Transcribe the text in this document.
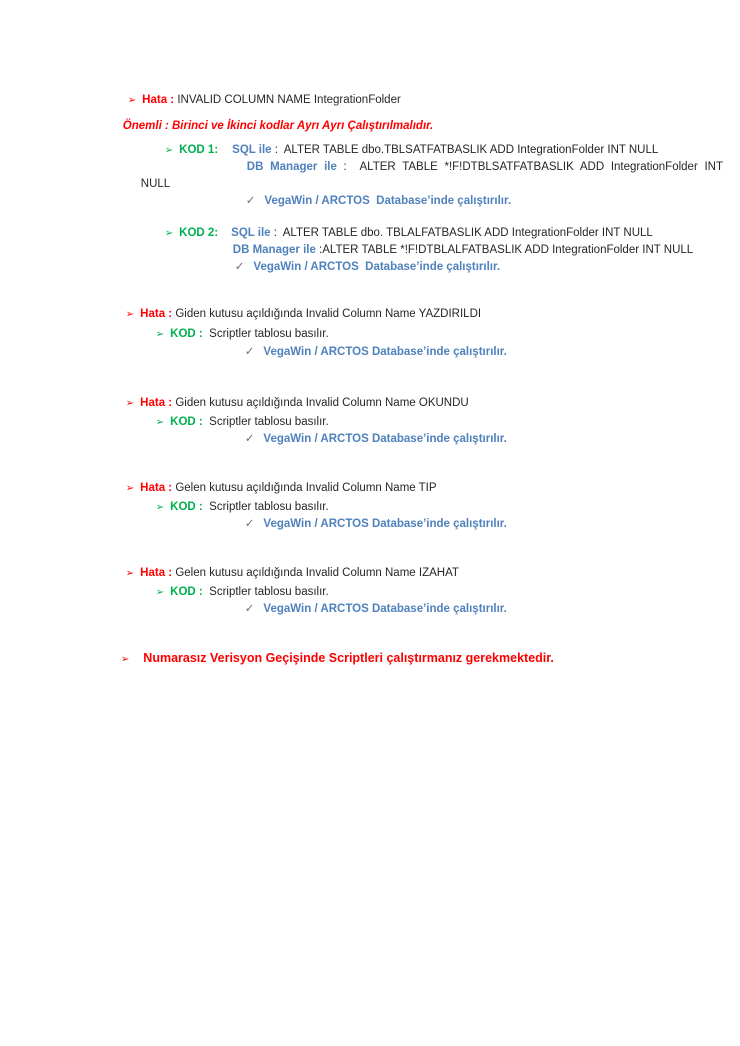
➢ Hata : INVALID COLUMN NAME IntegrationFolder

Önemli : Birinci ve İkinci kodlar Ayrı Ayrı Çalıştırılmalıdır.

➢ KOD 1: SQL ile :  ALTER TABLE dbo.TBLSATFATBASLIK ADD IntegrationFolder INT NULL

DB Manager ile :  ALTER TABLE *!F!DTBLSATFATBASLIK ADD IntegrationFolder INT

NULL

✓ VegaWin / ARCTOS  Database’inde çalıştırılır.

➢ KOD 2: SQL ile :  ALTER TABLE dbo. TBLALFATBASLIK ADD IntegrationFolder INT NULL

DB Manager ile :ALTER TABLE *!F!DTBLALFATBASLIK ADD IntegrationFolder INT NULL

✓ VegaWin / ARCTOS  Database’inde çalıştırılır.

➢ Hata : Giden kutusu açıldığında Invalid Column Name YAZDIRILDI

➢ KOD :  Scriptler tablosu basılır.

✓ VegaWin / ARCTOS Database’inde çalıştırılır.

➢ Hata : Giden kutusu açıldığında Invalid Column Name OKUNDU

➢ KOD :  Scriptler tablosu basılır.

✓ VegaWin / ARCTOS Database’inde çalıştırılır.

➢ Hata : Gelen kutusu açıldığında Invalid Column Name TIP

➢ KOD :  Scriptler tablosu basılır.

✓ VegaWin / ARCTOS Database’inde çalıştırılır.

➢ Hata : Gelen kutusu açıldığında Invalid Column Name IZAHAT

➢ KOD :  Scriptler tablosu basılır.

✓ VegaWin / ARCTOS Database’inde çalıştırılır.

➢ Numarasız Verisyon Geçişinde Scriptleri çalıştırmanız gerekmektedir.
